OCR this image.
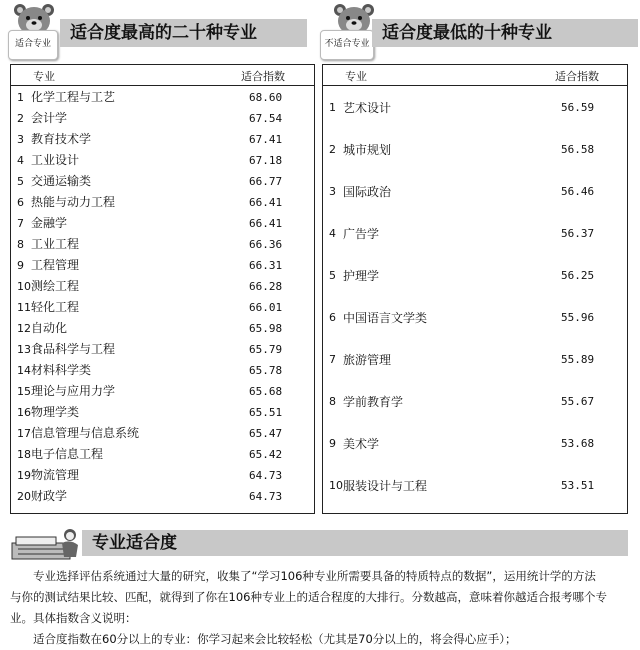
适合专业
适合度最高的二十种专业
专业	适合指数
1 化学工程与工艺	68.60
2 会计学	67.54
3 教育技术学	67.41
4 工业设计	67.18
5 交通运输类	66.77
6 热能与动力工程	66.41
7 金融学	66.41
8 工业工程	66.36
9 工程管理	66.31
10 测绘工程	66.28
11 轻化工程	66.01
12 自动化	65.98
13 食品科学与工程	65.79
14 材料科学类	65.78
15 理论与应用力学	65.68
16 物理学类	65.51
17 信息管理与信息系统	65.47
18 电子信息工程	65.42
19 物流管理	64.73
20 财政学	64.73
不适合专业
适合度最低的十种专业
专业	适合指数
1 艺术设计	56.59
2 城市规划	56.58
3 国际政治	56.46
4 广告学	56.37
5 护理学	56.25
6 中国语言文学类	55.96
7 旅游管理	55.89
8 学前教育学	55.67
9 美术学	53.68
10 服装设计与工程	53.51
专业适合度

专业选择评估系统通过大量的研究，收集了“学习106种专业所需要具备的特质特点的数据”，运用统计学的方法

与你的测试结果比较、匹配，就得到了你在106种专业上的适合程度的大排行。分数越高，意味着你越适合报考哪个专

业。具体指数含义说明：

适合度指数在60分以上的专业：你学习起来会比较轻松（尤其是70分以上的，将会得心应手）；
